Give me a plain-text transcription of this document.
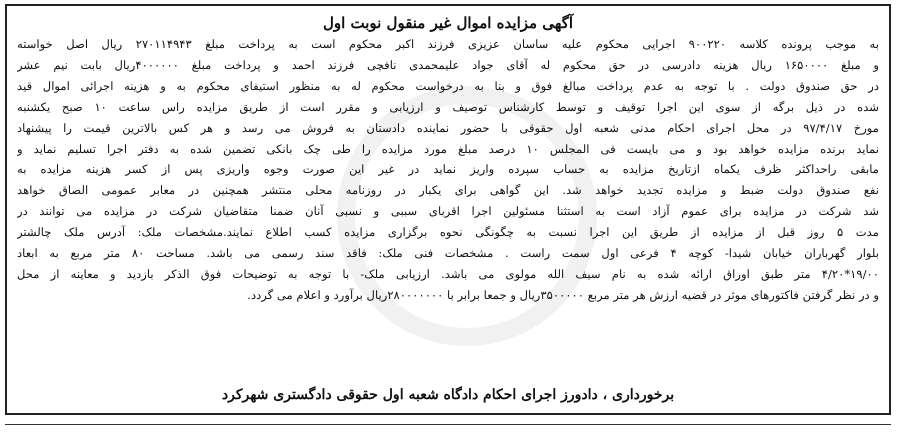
آگهی مزایده اموال غیر منقول نوبت اول
به موجب پرونده کلاسه ۹۰۰۲۲۰ اجرایی محکوم علیه ساسان عزیزی فرزند اکبر محکوم است به پرداخت مبلغ ۲۷۰۱۱۴۹۴۳ ریال اصل خواسته
و مبلغ ۱۶۵۰۰۰۰ ریال هزینه دادرسی در حق محکوم له آقای جواد علیمحمدی نافچی فرزند احمد و پرداخت مبلغ ۴۰۰۰۰۰۰ریال بابت نیم عشر
در حق صندوق دولت . با توجه به عدم پرداخت مبالغ فوق و بنا به درخواست محکوم له به منظور استیفای محکوم به و هزینه اجرائی اموال قید
شده در ذیل برگه از سوی این اجرا توقیف و توسط کارشناس توصیف و ارزیابی و مقرر است از طریق مزایده راس ساعت ۱۰ صبح یکشنبه
مورخ ۹۷/۴/۱۷ در محل اجرای احکام مدنی شعبه اول حقوقی با حضور نماینده دادستان به فروش می رسد و هر کس بالاترین قیمت را پیشنهاد
نماید برنده مزایده خواهد بود و می بایست فی المجلس ۱۰ درصد مبلغ مورد مزایده را طی چک بانکی تضمین شده به دفتر اجرا تسلیم نماید و
مابقی راحداکثر ظرف یکماه ازتاریخ مزایده به حساب سپرده واریز نماید در غیر این صورت وجوه واریزی پس از کسر هزینه مزایده به
نفع صندوق دولت ضبط و مزایده تجدید خواهد شد. این گواهی برای یکبار در روزنامه محلی منتشر همچنین در معابر عمومی الصاق خواهد
شد شرکت در مزایده برای عموم آزاد است به استثنا مسئولین اجرا اقربای سببی و نسبی آنان ضمنا متقاضیان شرکت در مزایده می توانند در
مدت ۵ روز قبل از مزایده از طریق این اجرا نسبت به چگونگی نحوه برگزاری مزایده کسب اطلاع نمایند.مشخصات ملک: آدرس ملک چالشتر
بلوار گهرباران خیابان شیدا- کوچه ۴ فرعی اول سمت راست . مشخصات فنی ملک: فاقد سند رسمی می باشد. مساحت ۸۰ متر مربع به ابعاد
۱۹/۰۰*۴/۲۰ متر طبق اوراق ارائه شده به نام سیف الله مولوی می باشد. ارزیابی ملک- با توجه به توضیحات فوق الذکر بازدید و معاینه از محل
و در نظر گرفتن فاکتورهای موثر در قضیه ارزش هر متر مربع ۳۵۰۰۰۰۰ریال و جمعا برابر با ۲۸۰۰۰۰۰۰۰ریال برآورد و اعلام می گردد.
برخورداری ، دادورز اجرای احکام دادگاه شعبه اول حقوقی دادگستری شهرکرد
